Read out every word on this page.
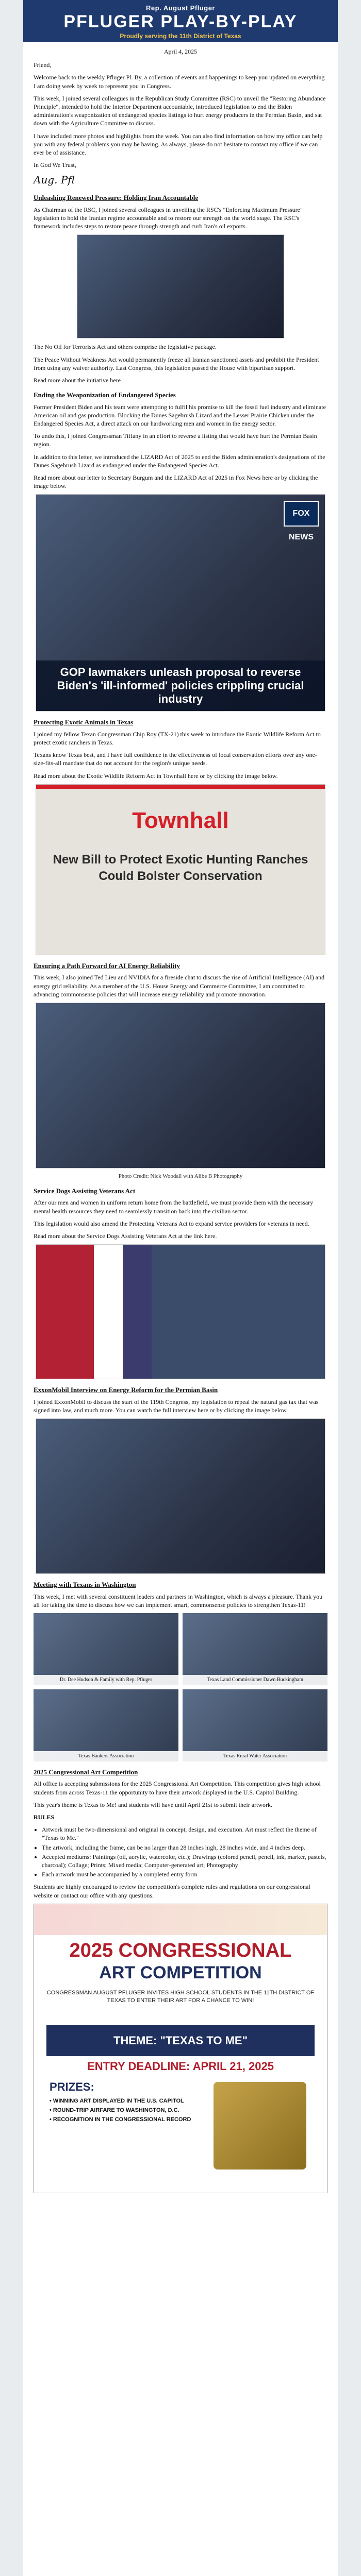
Rep. August Pfluger
PFLUGER PLAY-BY-PLAY
Proudly serving the 11th District of Texas
April 4, 2025

Friend,

Welcome back to the weekly Pfluger Pl. By, a collection of events and happenings to keep you updated on everything I am doing week by week to represent you in Congress.

This week, I joined several colleagues in the Republican Study Committee (RSC) to unveil the "Restoring Abundance Principle", intended to hold the Interior Department accountable, introduced legislation to end the Biden administration's weaponization of endangered species listings to hurt energy producers in the Permian Basin, and sat down with the Agriculture Committee to discuss.

I have included more photos and highlights from the week. You can also find information on how my office can help you with any federal problems you may be having. As always, please do not hesitate to contact my office if we can ever be of assistance.

In God We Trust,

Aug. Pfl

Unleashing Renewed Pressure: Holding Iran Accountable

As Chairman of the RSC, I joined several colleagues in unveiling the RSC's "Enforcing Maximum Pressure" legislation to hold the Iranian regime accountable and to restore our strength on the world stage. The RSC's framework includes steps to restore peace through strength and curb Iran's oil exports.

The No Oil for Terrorists Act and others comprise the legislative package.

The Peace Without Weakness Act would permanently freeze all Iranian sanctioned assets and prohibit the President from using any waiver authority. Last Congress, this legislation passed the House with bipartisan support.

Read more about the initiative here

Ending the Weaponization of Endangered Species

Former President Biden and his team were attempting to fulfil his promise to kill the fossil fuel industry and eliminate American oil and gas production. Blocking the Dunes Sagebrush Lizard and the Lesser Prairie Chicken under the Endangered Species Act, a direct attack on our hardworking men and women in the energy sector.

To undo this, I joined Congressman Tiffany in an effort to reverse a listing that would have hurt the Permian Basin region.

In addition to this letter, we introduced the LIZARD Act of 2025 to end the Biden administration's designations of the Dunes Sagebrush Lizard as endangered under the Endangered Species Act.

Read more about our letter to Secretary Burgum and the LIZARD Act of 2025 in Fox News here or by clicking the image below.

FOX NEWS
GOP lawmakers unleash proposal to reverse Biden's 'ill-informed' policies crippling crucial industry
Protecting Exotic Animals in Texas

I joined my fellow Texan Congressman Chip Roy (TX-21) this week to introduce the Exotic Wildlife Reform Act to protect exotic ranchers in Texas.

Texans know Texas best, and I have full confidence in the effectiveness of local conservation efforts over any one-size-fits-all mandate that do not account for the region's unique needs.

Read more about the Exotic Wildlife Reform Act in Townhall here or by clicking the image below.

Townhall
New Bill to Protect Exotic Hunting Ranches Could Bolster Conservation
Ensuring a Path Forward for AI Energy Reliability

This week, I also joined Ted Lieu and NVIDIA for a fireside chat to discuss the rise of Artificial Intelligence (AI) and energy grid reliability. As a member of the U.S. House Energy and Commerce Committee, I am committed to advancing commonsense policies that will increase energy reliability and promote innovation.

Photo Credit: Nick Woodall with Alibe B Photography
Service Dogs Assisting Veterans Act

After our men and women in uniform return home from the battlefield, we must provide them with the necessary mental health resources they need to seamlessly transition back into the civilian sector.

This legislation would also amend the Protecting Veterans Act to expand service providers for veterans in need.

Read more about the Service Dogs Assisting Veterans Act at the link here.

ExxonMobil Interview on Energy Reform for the Permian Basin

I joined ExxonMobil to discuss the start of the 119th Congress, my legislation to repeal the natural gas tax that was signed into law, and much more. You can watch the full interview here or by clicking the image below.

Meeting with Texans in Washington

This week, I met with several constituent leaders and partners in Washington, which is always a pleasure. Thank you all for taking the time to discuss how we can implement smart, commonsense policies to strengthen Texas-11!

Dr. Dee Hudson & Family with Rep. Pfluger	Texas Land Commissioner Dawn Buckingham
Texas Bankers Association	Texas Rural Water Association
2025 Congressional Art Competition

All office is accepting submissions for the 2025 Congressional Art Competition. This competition gives high school students from across Texas-11 the opportunity to have their artwork displayed in the U.S. Capitol Building.

This year's theme is Texas to Me! and students will have until April 21st to submit their artwork.

RULES

• Artwork must be two-dimensional and original in concept, design, and execution. Art must reflect the theme of "Texas to Me."
• The artwork, including the frame, can be no larger than 28 inches high, 28 inches wide, and 4 inches deep.
• Accepted mediums: Paintings (oil, acrylic, watercolor, etc.); Drawings (colored pencil, pencil, ink, marker, pastels, charcoal); Collage; Prints; Mixed media; Computer-generated art; Photography
• Each artwork must be accompanied by a completed entry form

Students are highly encouraged to review the competition's complete rules and regulations on our congressional website or contact our office with any questions.

2025 CONGRESSIONAL
ART COMPETITION
CONGRESSMAN AUGUST PFLUGER INVITES HIGH SCHOOL STUDENTS IN THE 11TH DISTRICT OF TEXAS TO ENTER THEIR ART FOR A CHANCE TO WIN!
THEME: "TEXAS TO ME"
ENTRY DEADLINE: APRIL 21, 2025
PRIZES:
• WINNING ART DISPLAYED IN THE U.S. CAPITOL
• ROUND-TRIP AIRFARE TO WASHINGTON, D.C.
• RECOGNITION IN THE CONGRESSIONAL RECORD
